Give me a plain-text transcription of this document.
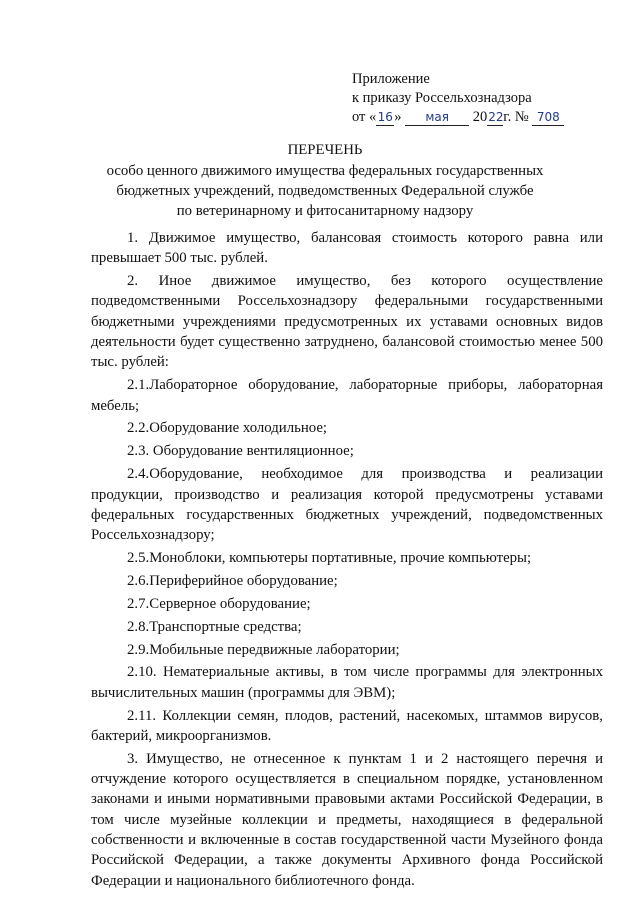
Приложение
к приказу Россельхознадзора
от «16» мая 2022г. № 708
ПЕРЕЧЕНЬ
особо ценного движимого имущества федеральных государственных
бюджетных учреждений, подведомственных Федеральной службе
по ветеринарному и фитосанитарному надзору

1. Движимое имущество, балансовая стоимость которого равна или превышает 500 тыс. рублей.

2. Иное движимое имущество, без которого осуществление подведомственными Россельхознадзору федеральными государственными бюджетными учреждениями предусмотренных их уставами основных видов деятельности будет существенно затруднено, балансовой стоимостью менее 500 тыс. рублей:

2.1.Лабораторное оборудование, лабораторные приборы, лабораторная мебель;

2.2.Оборудование холодильное;

2.3. Оборудование вентиляционное;

2.4.Оборудование, необходимое для производства и реализации продукции, производство и реализация которой предусмотрены уставами федеральных государственных бюджетных учреждений, подведомственных Россельхознадзору;

2.5.Моноблоки, компьютеры портативные, прочие компьютеры;

2.6.Периферийное оборудование;

2.7.Серверное оборудование;

2.8.Транспортные средства;

2.9.Мобильные передвижные лаборатории;

2.10. Нематериальные активы, в том числе программы для электронных вычислительных машин (программы для ЭВМ);

2.11. Коллекции семян, плодов, растений, насекомых, штаммов вирусов, бактерий, микроорганизмов.

3. Имущество, не отнесенное к пунктам 1 и 2 настоящего перечня и отчуждение которого осуществляется в специальном порядке, установленном законами и иными нормативными правовыми актами Российской Федерации, в том числе музейные коллекции и предметы, находящиеся в федеральной собственности и включенные в состав государственной части Музейного фонда Российской Федерации, а также документы Архивного фонда Российской Федерации и национального библиотечного фонда.
